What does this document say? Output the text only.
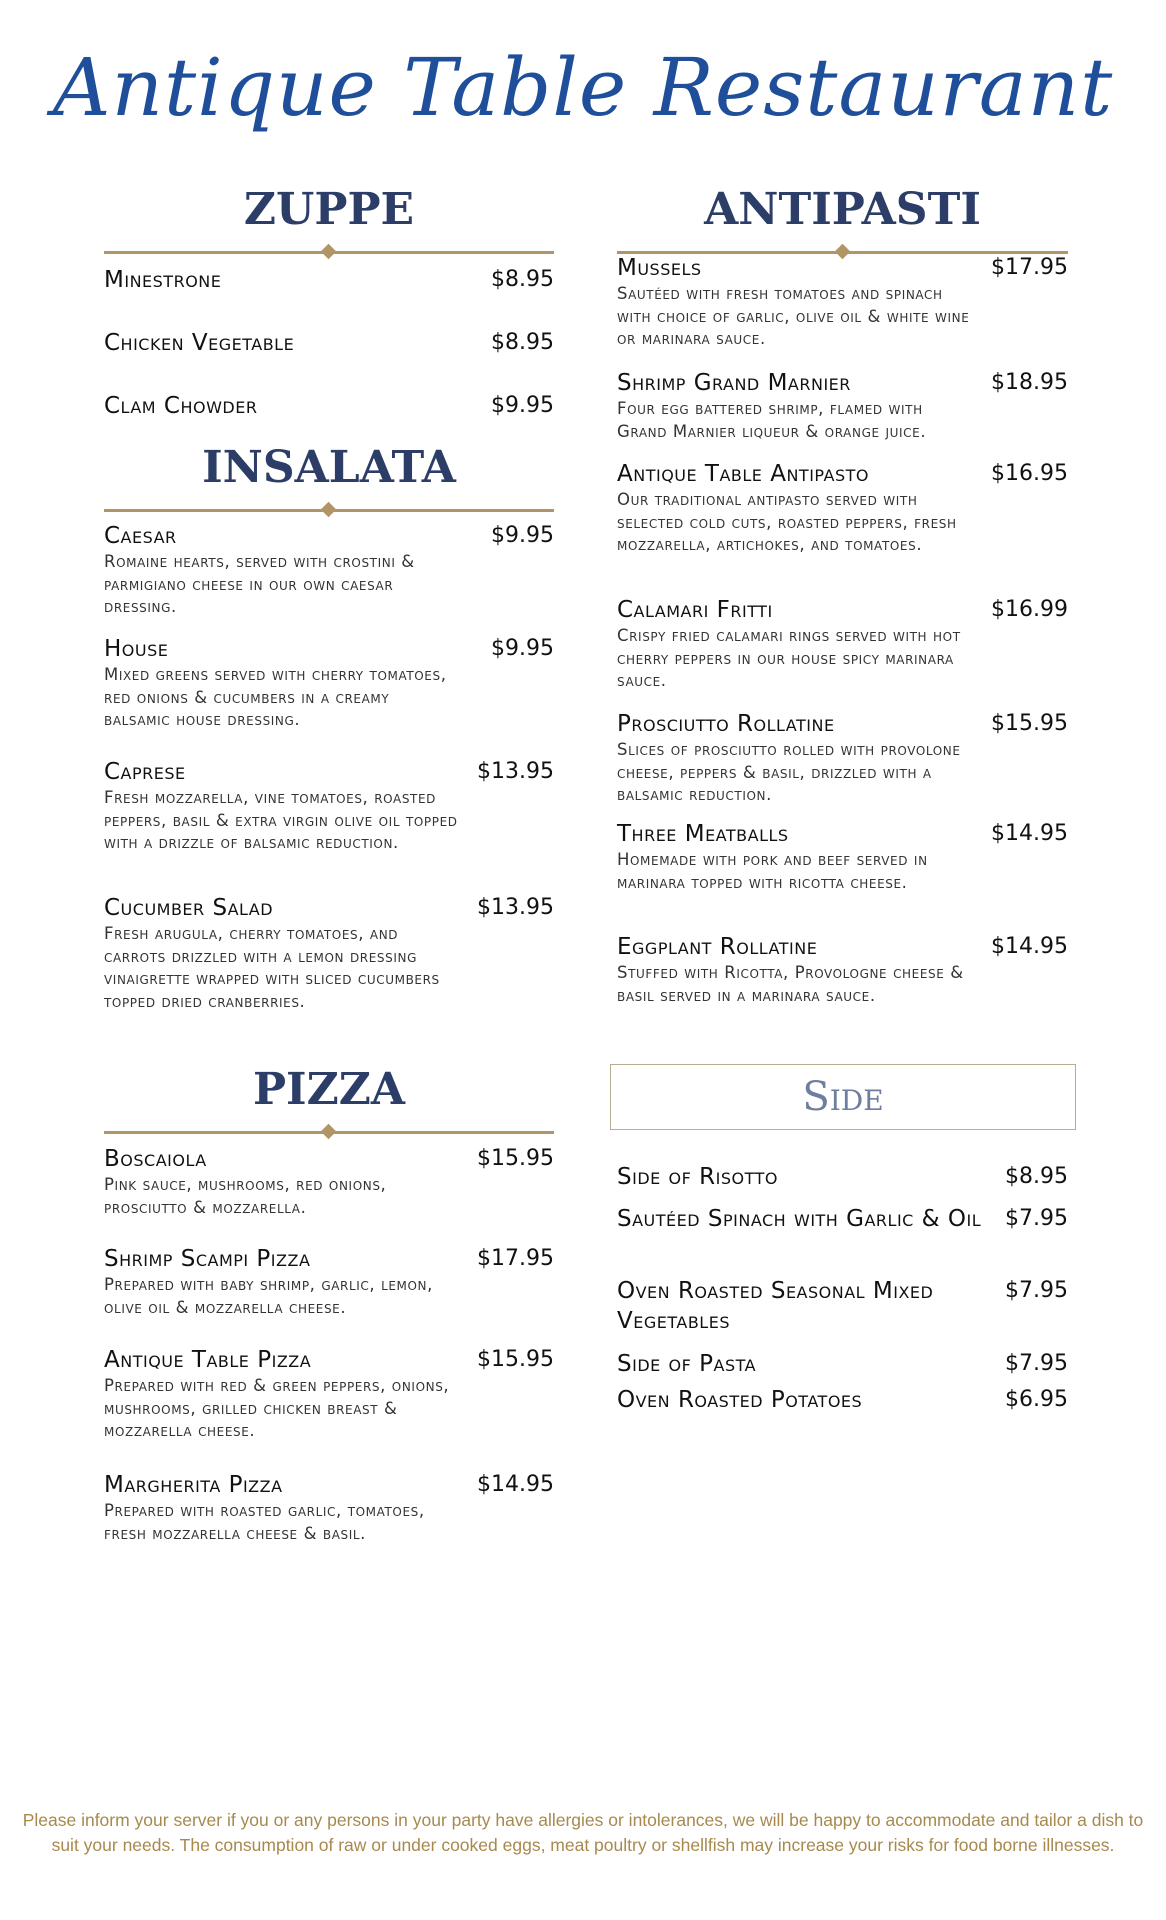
Antique Table Restaurant
ZUPPE
Minestrone	$8.95
Chicken Vegetable	$8.95
Clam Chowder	$9.95
INSALATA
Caesar	$9.95
Romaine hearts, served with crostini & parmigiano cheese in our own caesar dressing.
House	$9.95
Mixed greens served with cherry tomatoes, red onions & cucumbers in a creamy balsamic house dressing.
Caprese	$13.95
Fresh mozzarella, vine tomatoes, roasted peppers, basil & extra virgin olive oil topped with a drizzle of balsamic reduction.
Cucumber Salad	$13.95
Fresh arugula, cherry tomatoes, and carrots drizzled with a lemon dressing vinaigrette wrapped with sliced cucumbers topped dried cranberries.
PIZZA
Boscaiola	$15.95
Pink sauce, mushrooms, red onions, prosciutto & mozzarella.
Shrimp Scampi Pizza	$17.95
Prepared with baby shrimp, garlic, lemon, olive oil & mozzarella cheese.
Antique Table Pizza	$15.95
Prepared with red & green peppers, onions, mushrooms, grilled chicken breast & mozzarella cheese.
Margherita Pizza	$14.95
Prepared with roasted garlic, tomatoes, fresh mozzarella cheese & basil.
ANTIPASTI
Mussels	$17.95
Sautéed with fresh tomatoes and spinach with choice of garlic, olive oil & white wine or marinara sauce.
Shrimp Grand Marnier	$18.95
Four egg battered shrimp, flamed with Grand Marnier liqueur & orange juice.
Antique Table Antipasto	$16.95
Our traditional antipasto served with selected cold cuts, roasted peppers, fresh mozzarella, artichokes, and tomatoes.
Calamari Fritti	$16.99
Crispy fried calamari rings served with hot cherry peppers in our house spicy marinara sauce.
Prosciutto Rollatine	$15.95
Slices of prosciutto rolled with provolone cheese, peppers & basil, drizzled with a balsamic reduction.
Three Meatballs	$14.95
Homemade with pork and beef served in marinara topped with ricotta cheese.
Eggplant Rollatine	$14.95
Stuffed with Ricotta, Provologne cheese & basil served in a marinara sauce.
Side
Side of Risotto	$8.95
Sautéed Spinach with Garlic & Oil	$7.95
Oven Roasted Seasonal Mixed Vegetables
$7.95
Side of Pasta	$7.95
Oven Roasted Potatoes	$6.95
Please inform your server if you or any persons in your party have allergies or intolerances, we will be happy to accommodate and tailor a dish to suit your needs. The consumption of raw or under cooked eggs, meat poultry or shellfish may increase your risks for food borne illnesses.
